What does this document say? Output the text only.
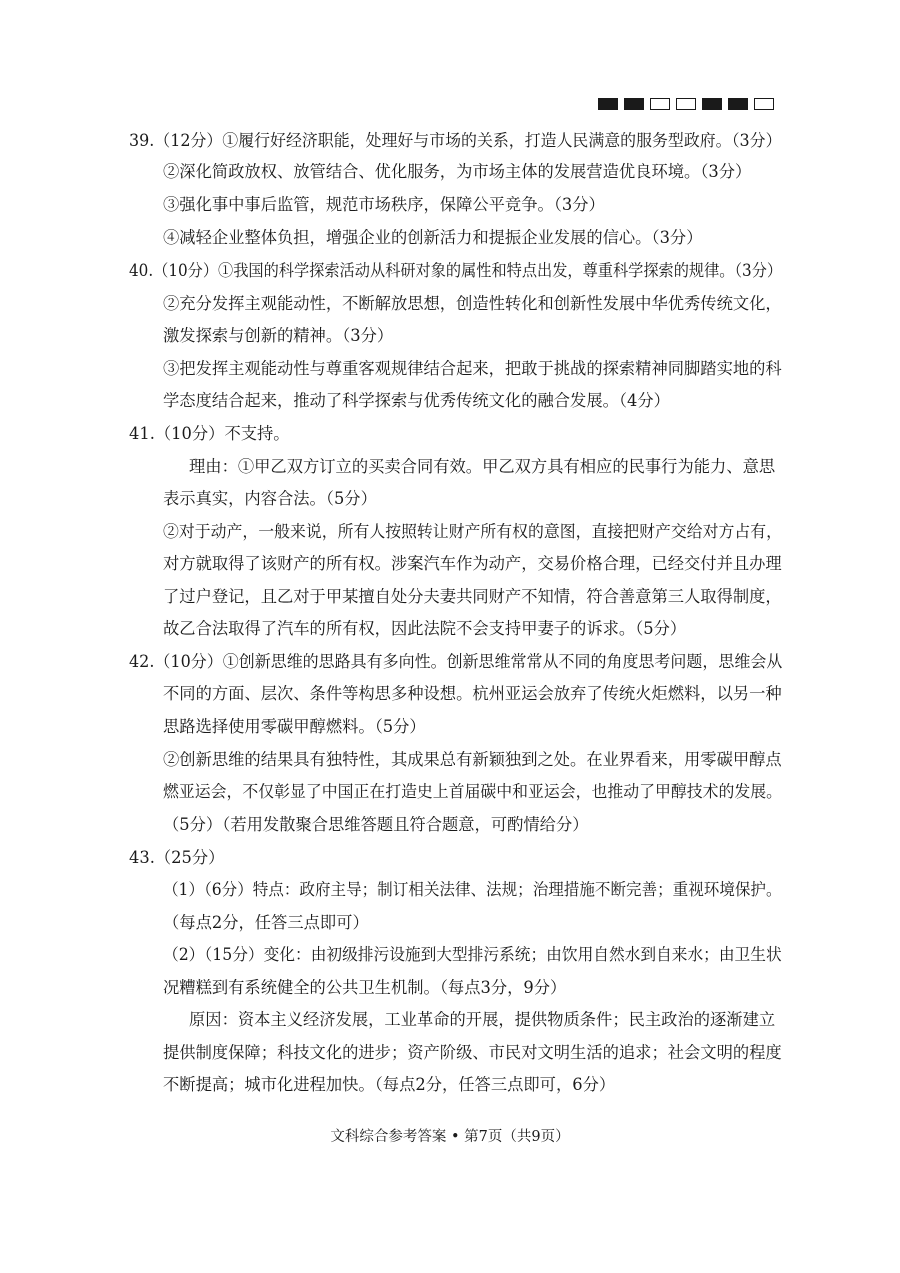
39.（12分）①履行好经济职能，处理好与市场的关系，打造人民满意的服务型政府。（3分）
②深化简政放权、放管结合、优化服务，为市场主体的发展营造优良环境。（3分）
③强化事中事后监管，规范市场秩序，保障公平竞争。（3分）
④减轻企业整体负担，增强企业的创新活力和提振企业发展的信心。（3分）
40.（10分）①我国的科学探索活动从科研对象的属性和特点出发，尊重科学探索的规律。（3分）
②充分发挥主观能动性，不断解放思想，创造性转化和创新性发展中华优秀传统文化，
激发探索与创新的精神。（3分）
③把发挥主观能动性与尊重客观规律结合起来，把敢于挑战的探索精神同脚踏实地的科
学态度结合起来，推动了科学探索与优秀传统文化的融合发展。（4分）
41.（10分）不支持。
理由：①甲乙双方订立的买卖合同有效。甲乙双方具有相应的民事行为能力、意思
表示真实，内容合法。（5分）
②对于动产，一般来说，所有人按照转让财产所有权的意图，直接把财产交给对方占有，
对方就取得了该财产的所有权。涉案汽车作为动产，交易价格合理，已经交付并且办理
了过户登记，且乙对于甲某擅自处分夫妻共同财产不知情，符合善意第三人取得制度，
故乙合法取得了汽车的所有权，因此法院不会支持甲妻子的诉求。（5分）
42.（10分）①创新思维的思路具有多向性。创新思维常常从不同的角度思考问题，思维会从
不同的方面、层次、条件等构思多种设想。杭州亚运会放弃了传统火炬燃料，以另一种
思路选择使用零碳甲醇燃料。（5分）
②创新思维的结果具有独特性，其成果总有新颖独到之处。在业界看来，用零碳甲醇点
燃亚运会，不仅彰显了中国正在打造史上首届碳中和亚运会，也推动了甲醇技术的发展。
（5分）（若用发散聚合思维答题且符合题意，可酌情给分）
43.（25分）
（1）（6分）特点：政府主导；制订相关法律、法规；治理措施不断完善；重视环境保护。
（每点2分，任答三点即可）
（2）（15分）变化：由初级排污设施到大型排污系统；由饮用自然水到自来水；由卫生状
况糟糕到有系统健全的公共卫生机制。（每点3分，9分）
原因：资本主义经济发展，工业革命的开展，提供物质条件；民主政治的逐渐建立
提供制度保障；科技文化的进步；资产阶级、市民对文明生活的追求；社会文明的程度
不断提高；城市化进程加快。（每点2分，任答三点即可，6分）
文科综合参考答案 • 第7页（共9页）
